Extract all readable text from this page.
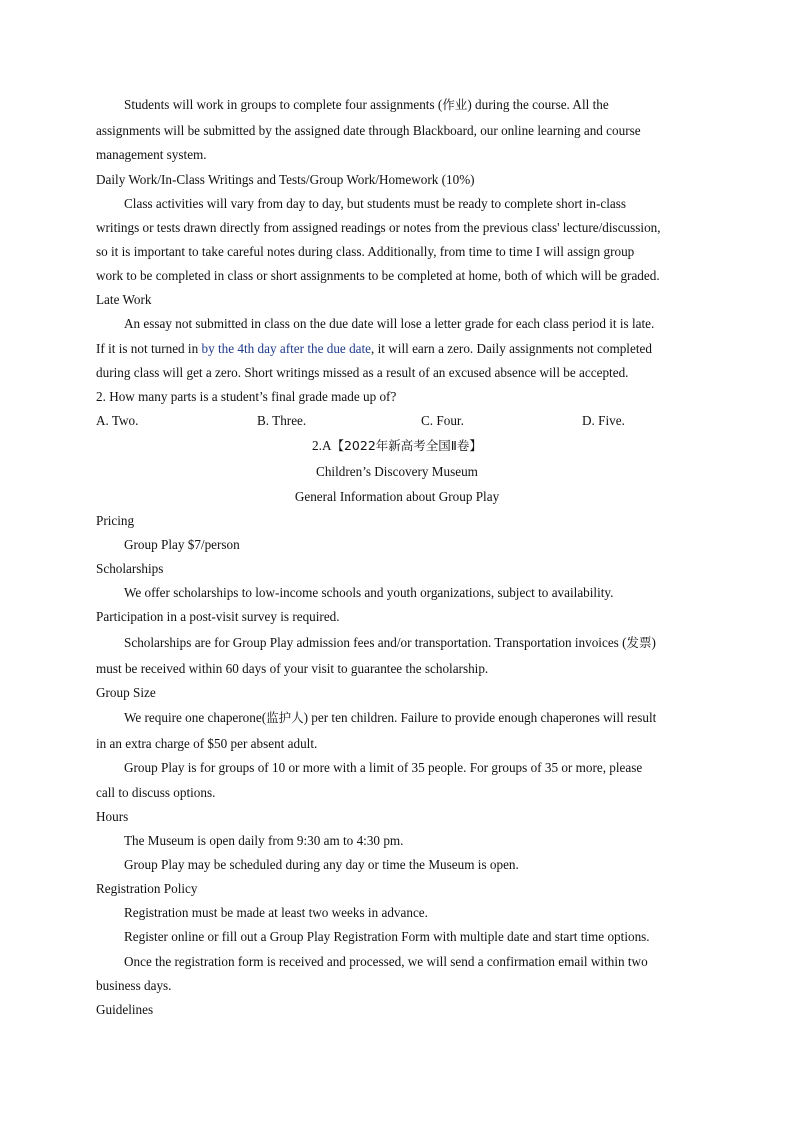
Students will work in groups to complete four assignments (作业) during the course. All the
assignments will be submitted by the assigned date through Blackboard, our online learning and course
management system.
Daily Work/In-Class Writings and Tests/Group Work/Homework (10%)
Class activities will vary from day to day, but students must be ready to complete short in-class
writings or tests drawn directly from assigned readings or notes from the previous class' lecture/discussion,
so it is important to take careful notes during class. Additionally, from time to time I will assign group
work to be completed in class or short assignments to be completed at home, both of which will be graded.
Late Work
An essay not submitted in class on the due date will lose a letter grade for each class period it is late.
If it is not turned in by the 4th day after the due date, it will earn a zero. Daily assignments not completed
during class will get a zero. Short writings missed as a result of an excused absence will be accepted.
2. How many parts is a student’s final grade made up of?
A. Two.	B. Three.	C. Four.	D. Five.
2.A【2022年新高考全国Ⅱ卷】
Children’s Discovery Museum
General Information about Group Play
Pricing
Group Play $7/person
Scholarships
We offer scholarships to low-income schools and youth organizations, subject to availability.
Participation in a post-visit survey is required.
Scholarships are for Group Play admission fees and/or transportation. Transportation invoices (发票)
must be received within 60 days of your visit to guarantee the scholarship.
Group Size
We require one chaperone(监护人) per ten children. Failure to provide enough chaperones will result
in an extra charge of $50 per absent adult.
Group Play is for groups of 10 or more with a limit of 35 people. For groups of 35 or more, please
call to discuss options.
Hours
The Museum is open daily from 9:30 am to 4:30 pm.
Group Play may be scheduled during any day or time the Museum is open.
Registration Policy
Registration must be made at least two weeks in advance.
Register online or fill out a Group Play Registration Form with multiple date and start time options.
Once the registration form is received and processed, we will send a confirmation email within two
business days.
Guidelines
